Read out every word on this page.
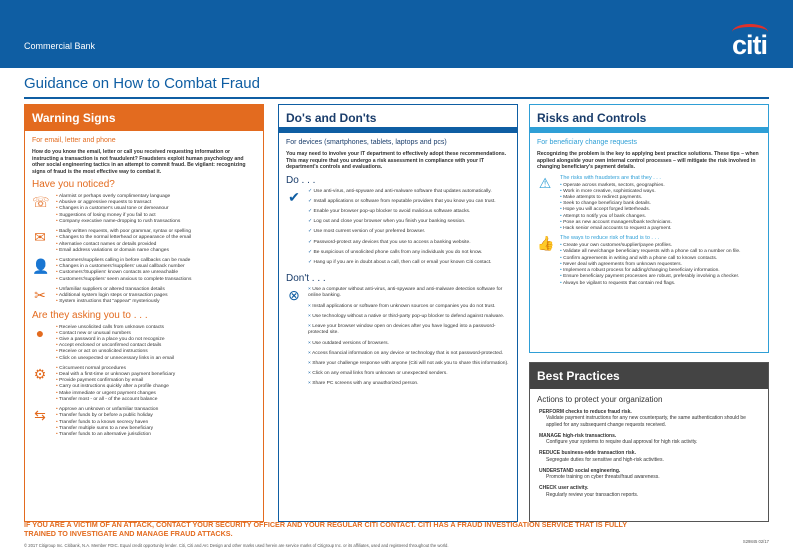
Commercial Bank	citi
Guidance on How to Combat Fraud
Warning Signs
For email, letter and phone
How do you know the email, letter or call you received requesting information or instructing a transaction is not fraudulent? Fraudsters exploit human psychology and other social engineering tactics in an attempt to commit fraud. Be vigilant: recognizing signs of fraud is the most effective way to combat it.
Have you noticed?
☏	• Alarmist or perhaps overly complimentary language
• Abusive or aggressive requests to transact
• Changes in a customer's usual tone or demeanour
• Suggestions of losing money if you fail to act
• Company executive name-dropping to rush transactions
✉	• Badly written requests, with poor grammar, syntax or spelling
• Changes to the normal letterhead or appearance of the email
• Alternative contact names or details provided
• Email address variations or domain name changes
👤	• Customers/suppliers calling in before callbacks can be made
• Changes in a customers'/suppliers' usual callback number
• Customers'/Suppliers' known contacts are unreachable
• Customers'/suppliers' seem anxious to complete transactions
✂	• Unfamiliar suppliers or altered transaction details
• Additional system login steps or transaction pages
• System instructions that "appear" mysteriously
Are they asking you to . . .
●	• Receive unsolicited calls from unknown contacts
• Contact new or unusual numbers
• Give a password in a place you do not recognize
• Accept enclosed or unconfirmed contact details
• Receive or act on unsolicited instructions
• Click on unexpected or unnecessary links in an email
⚙	• Circumvent normal procedures
• Deal with a first-time or unknown payment beneficiary
• Provide payment confirmation by email
• Carry out instructions quickly after a profile change
• Make immediate or urgent payment changes
• Transfer most - or all - of the account balance
⇆	• Approve an unknown or unfamiliar transaction
• Transfer funds by or before a public holiday
• Transfer funds to a known secrecy haven
• Transfer multiple sums to a new beneficiary
• Transfer funds to an alternative jurisdiction
Do's and Don'ts
For devices (smartphones, tablets, laptops and pcs)
You may need to involve your IT department to effectively adopt these recommendations. This may require that you undergo a risk assessment in compliance with your IT department's controls and evaluations.
Do . . .
✔	✓ Use anti-virus, anti-spyware and anti-malware software that updates automatically.
✓ Install applications or software from reputable providers that you know you can trust.
✓ Enable your browser pop-up blocker to avoid malicious software attacks.
✓ Log out and close your browser when you finish your banking session.
✓ Use most current version of your preferred browser.
✓ Password-protect any devices that you use to access a banking website.
✓ Be suspicious of unsolicited phone calls from any individuals you do not know.
✓ Hang up if you are in doubt about a call, then call or email your known Citi contact.
Don't . . .
⊗	× Use a computer without anti-virus, anti-spyware and anti-malware detection software for online banking.
× Install applications or software from unknown sources or companies you do not trust.
× Use technology without a native or third-party pop-up blocker to defend against malware.
× Leave your browser window open on devices after you have logged into a password-protected site.
× Use outdated versions of browsers.
× Access financial information on any device or technology that is not password-protected.
× Share your challenge response with anyone (Citi will not ask you to share this information).
× Click on any email links from unknown or unexpected senders.
× Share PC screens with any unauthorized person.
Risks and Controls
For beneficiary change requests
Recognizing the problem is the key to applying best practice solutions. These tips – when applied alongside your own internal control processes – will mitigate the risk involved in changing beneficiary's payment details.
⚠	The risks with fraudsters are that they . . .
• Operate across markets, sectors, geographies.
• Work in more creative, sophisticated ways.
• Make attempts to redirect payments.
• Seek to change beneficiary bank details.
• Hope you will accept forged letterheads.
• Attempt to notify you of bank changes.
• Pose as new account managers/bank technicians.
• Hack senior email accounts to request a payment.
👍 The ways to reduce risk of fraud is to . . .
• Create your own customer/supplier/payee profiles.
• Validate all new/change beneficiary requests with a phone call to a number on file.
• Confirm agreements in writing and with a phone call to known contacts.
• Never deal with agreements from unknown requesters.
• Implement a robust process for adding/changing beneficiary information.
• Ensure beneficiary payment processes are robust, preferably involving a checker.
• Always be vigilant to requests that contain red flags.
Best Practices
Actions to protect your organization
PERFORM checks to reduce fraud risk.
Validate payment instructions for any new counterparty, the same authentication should be applied for any subsequent change requests received.
MANAGE high-risk transactions.
Configure your systems to require dual approval for high risk activity.
REDUCE business-wide transaction risk.
Segregate duties for sensitive and high-risk activities.
UNDERSTAND social engineering.
Promote training on cyber threats/fraud awareness.
CHECK user activity.
Regularly review your transaction reports.
IF YOU ARE A VICTIM OF AN ATTACK, CONTACT YOUR SECURITY OFFICER AND YOUR REGULAR CITI CONTACT. CITI HAS A FRAUD INVESTIGATION SERVICE THAT IS FULLY TRAINED TO INVESTIGATE AND MANAGE FRAUD ATTACKS.
© 2017 Citigroup Inc. Citibank, N.A. Member FDIC. Equal credit opportunity lender. Citi, Citi and Arc Design and other marks used herein are service marks of Citigroup Inc. or its affiliates, used and registered throughout the world.
S29845 02/17
